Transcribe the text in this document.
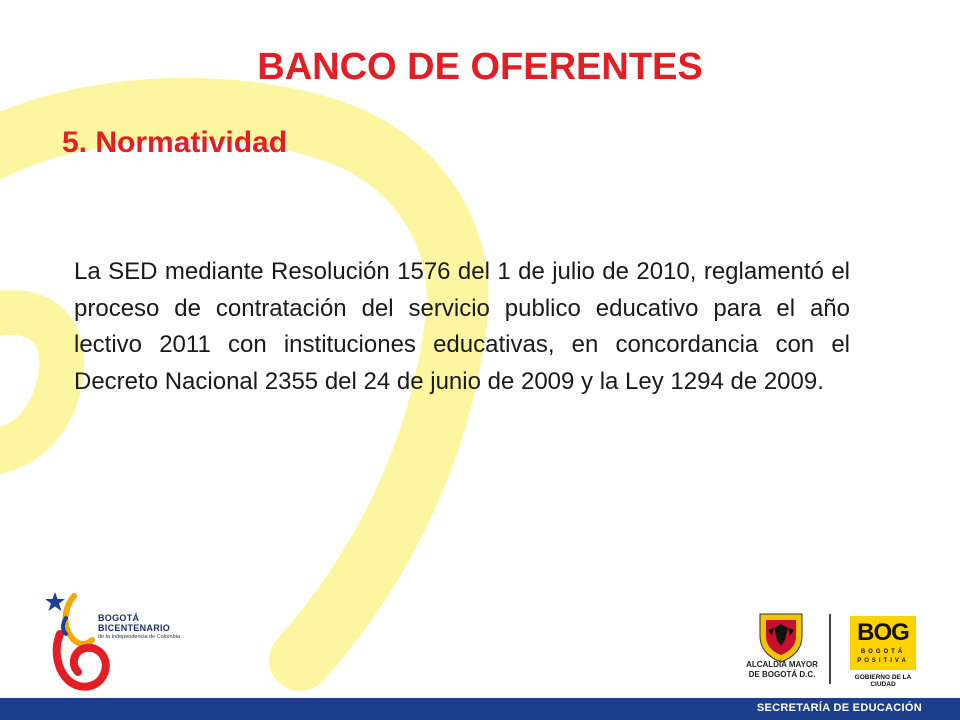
BANCO DE OFERENTES
5. Normatividad

La SED mediante Resolución 1576 del 1 de julio de 2010, reglamentó el proceso de contratación del servicio publico educativo para el año lectivo 2011 con instituciones educativas, en concordancia con el Decreto Nacional 2355 del 24 de junio de 2009 y la Ley 1294 de 2009.

BOGOTÁ
BICENTENARIO
de la Independencia de Colombia
ALCALDÍA MAYOR
DE BOGOTÁ D.C.
BOG
BOGOTÁ
POSITIVA
GOBIERNO DE LA CIUDAD
SECRETARÍA DE EDUCACIÓN
